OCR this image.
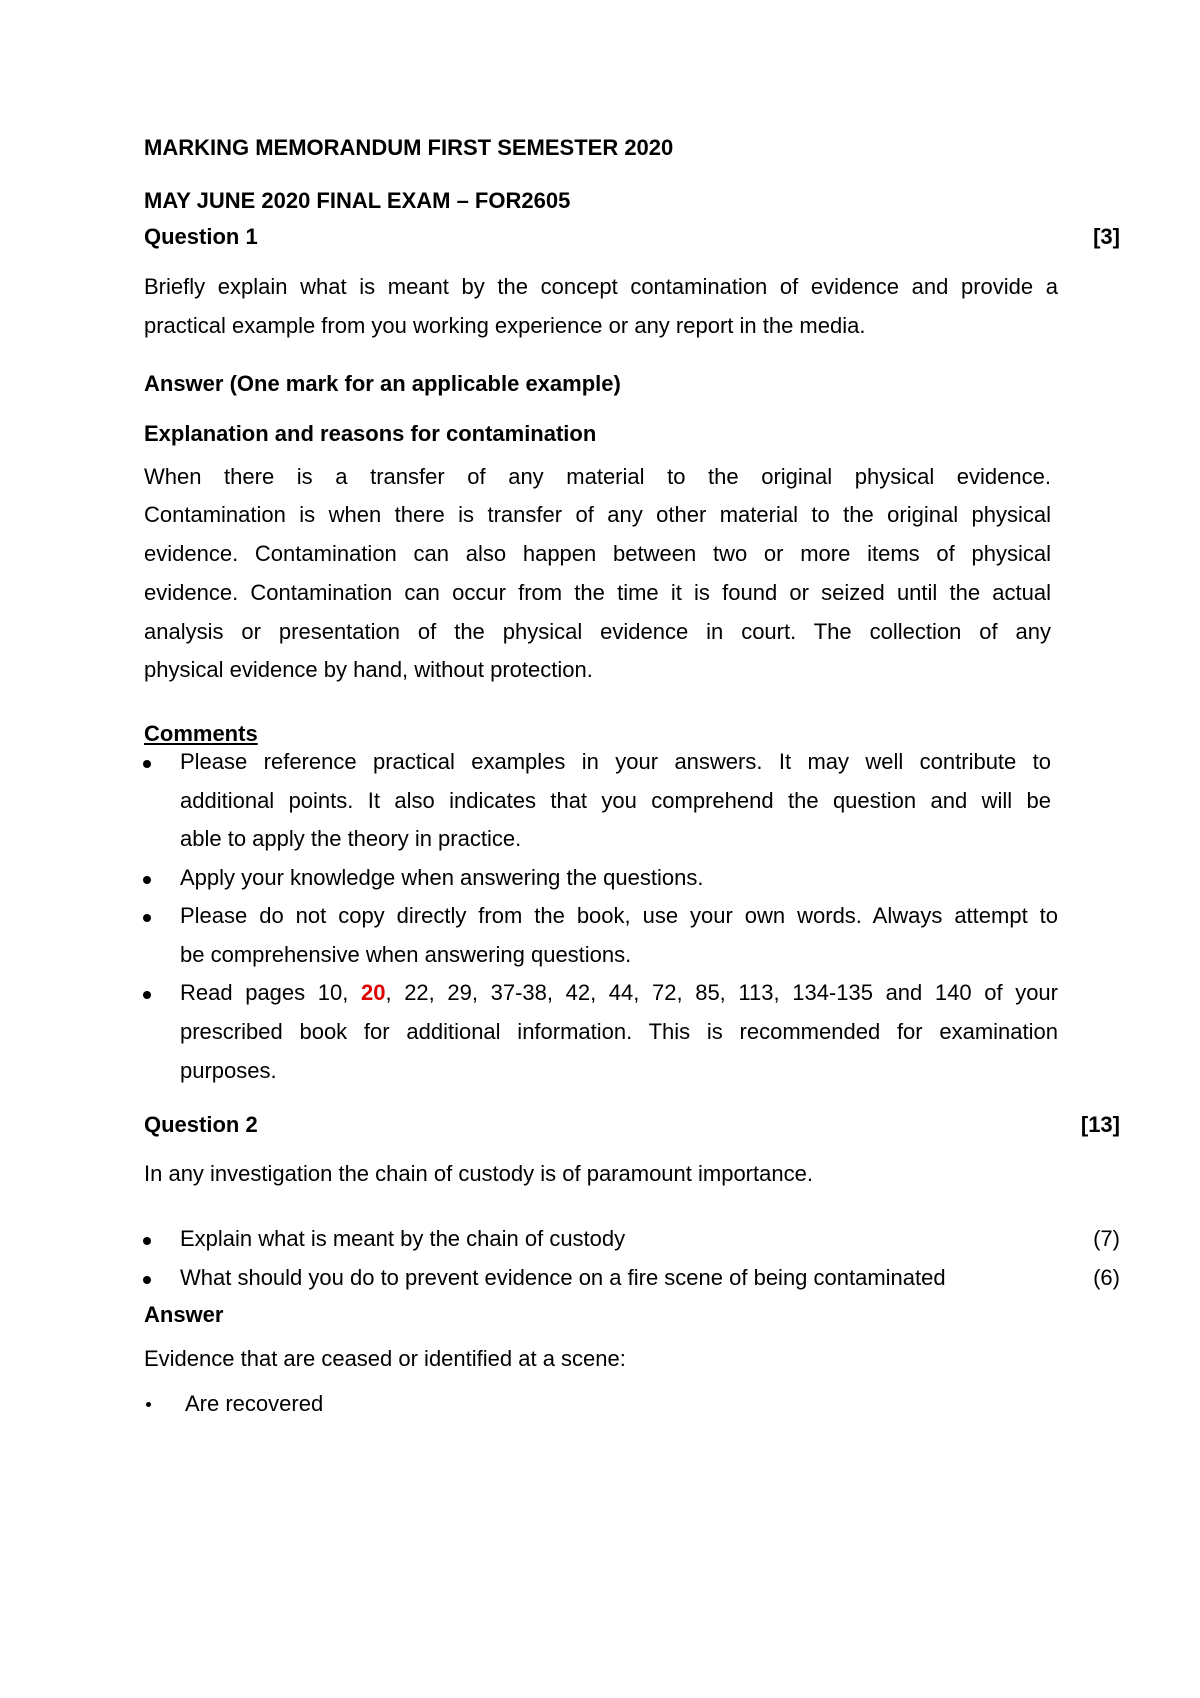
MARKING MEMORANDUM FIRST SEMESTER 2020
MAY JUNE 2020 FINAL EXAM – FOR2605
Question 1	[3]
Briefly explain what is meant by the concept contamination of evidence and provide a
practical example from you working experience or any report in the media.
Answer (One mark for an applicable example)
Explanation and reasons for contamination
When there is a transfer of any material to the original physical evidence.
Contamination is when there is transfer of any other material to the original physical
evidence. Contamination can also happen between two or more items of physical
evidence. Contamination can occur from the time it is found or seized until the actual
analysis or presentation of the physical evidence in court. The collection of any
physical evidence by hand, without protection.
Comments
Please reference practical examples in your answers. It may well contribute to
additional points. It also indicates that you comprehend the question and will be
able to apply the theory in practice.
Apply your knowledge when answering the questions.
Please do not copy directly from the book, use your own words. Always attempt to
be comprehensive when answering questions.
Read pages 10, 20, 22, 29, 37-38, 42, 44, 72, 85, 113, 134-135 and 140 of your
prescribed book for additional information. This is recommended for examination
purposes.
Question 2	[13]
In any investigation the chain of custody is of paramount importance.
Explain what is meant by the chain of custody	(7)
What should you do to prevent evidence on a fire scene of being contaminated	(6)
Answer
Evidence that are ceased or identified at a scene:
Are recovered
